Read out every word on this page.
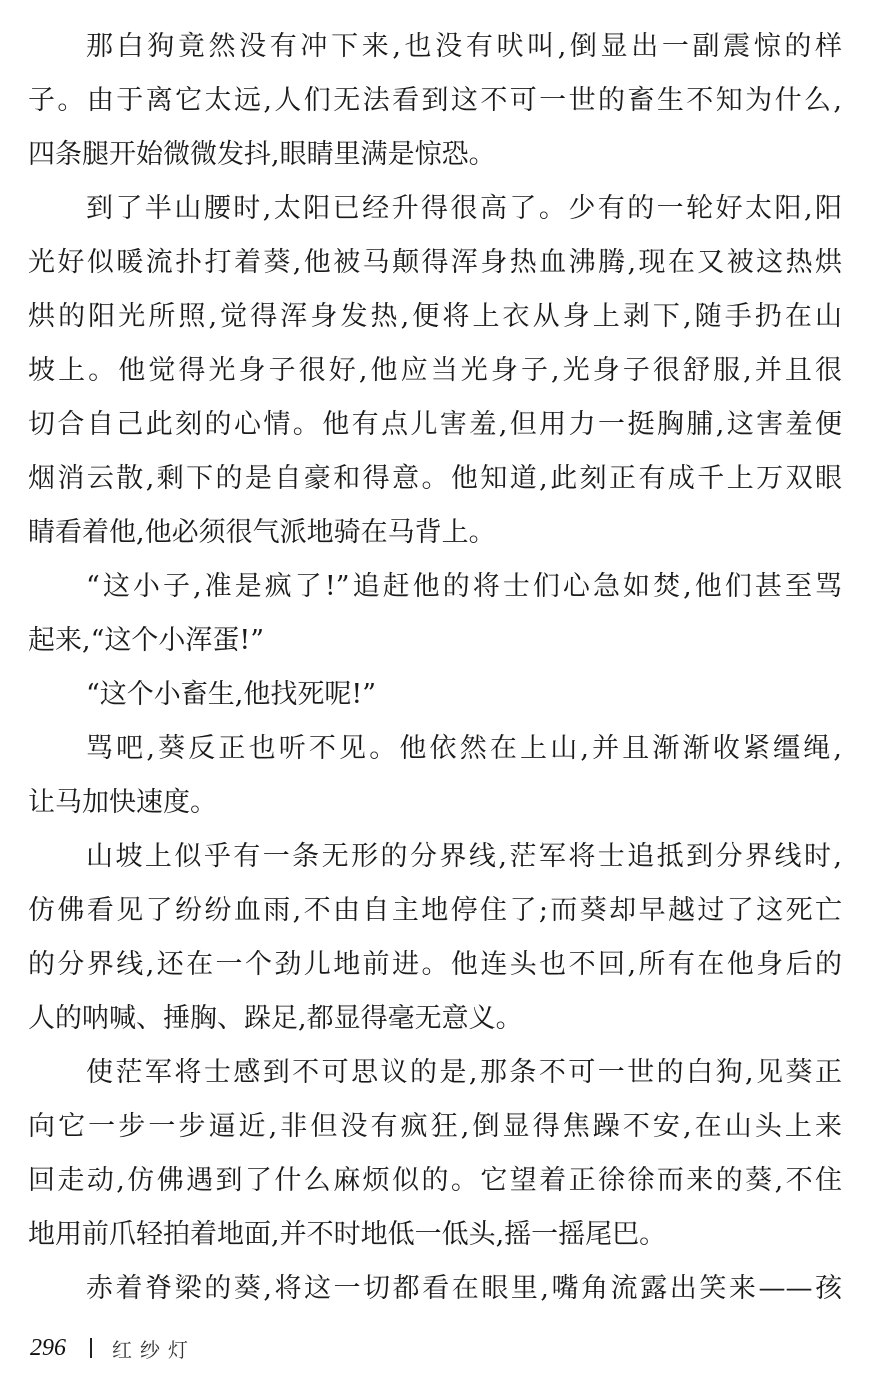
那白狗竟然没有冲下来,也没有吠叫,倒显出一副震惊的样
子。由于离它太远,人们无法看到这不可一世的畜生不知为什么,
四条腿开始微微发抖,眼睛里满是惊恐。
到了半山腰时,太阳已经升得很高了。少有的一轮好太阳,阳
光好似暖流扑打着葵,他被马颠得浑身热血沸腾,现在又被这热烘
烘的阳光所照,觉得浑身发热,便将上衣从身上剥下,随手扔在山
坡上。他觉得光身子很好,他应当光身子,光身子很舒服,并且很
切合自己此刻的心情。他有点儿害羞,但用力一挺胸脯,这害羞便
烟消云散,剩下的是自豪和得意。他知道,此刻正有成千上万双眼
睛看着他,他必须很气派地骑在马背上。
“这小子,准是疯了!”追赶他的将士们心急如焚,他们甚至骂
起来,“这个小浑蛋!”
“这个小畜生,他找死呢!”
骂吧,葵反正也听不见。他依然在上山,并且渐渐收紧缰绳,
让马加快速度。
山坡上似乎有一条无形的分界线,茫军将士追抵到分界线时,
仿佛看见了纷纷血雨,不由自主地停住了;而葵却早越过了这死亡
的分界线,还在一个劲儿地前进。他连头也不回,所有在他身后的
人的呐喊、捶胸、跺足,都显得毫无意义。
使茫军将士感到不可思议的是,那条不可一世的白狗,见葵正
向它一步一步逼近,非但没有疯狂,倒显得焦躁不安,在山头上来
回走动,仿佛遇到了什么麻烦似的。它望着正徐徐而来的葵,不住
地用前爪轻拍着地面,并不时地低一低头,摇一摇尾巴。
赤着脊梁的葵,将这一切都看在眼里,嘴角流露出笑来——孩
296 红纱灯
